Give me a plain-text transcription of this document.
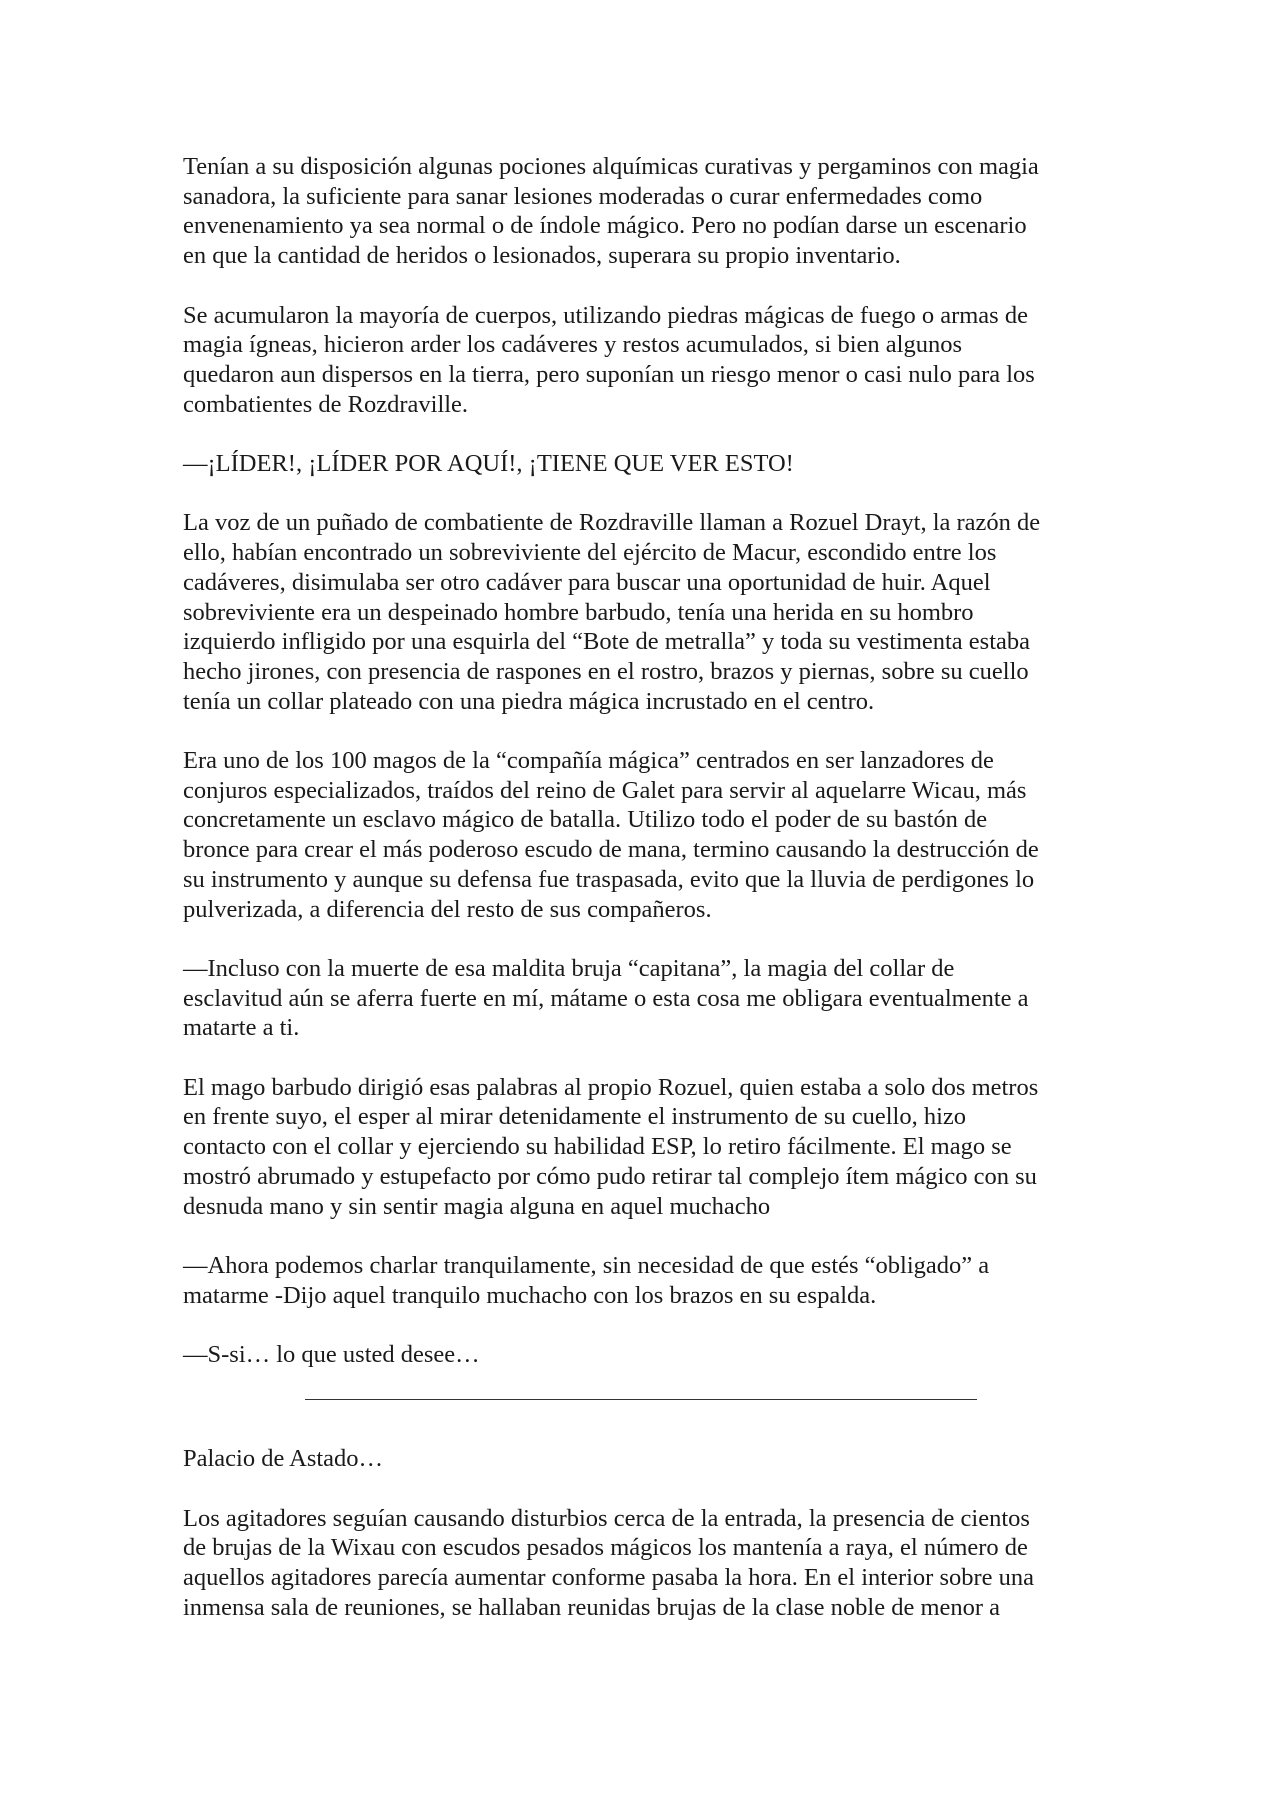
Tenían a su disposición algunas pociones alquímicas curativas y pergaminos con magia
sanadora, la suficiente para sanar lesiones moderadas o curar enfermedades como
envenenamiento ya sea normal o de índole mágico. Pero no podían darse un escenario
en que la cantidad de heridos o lesionados, superara su propio inventario.

Se acumularon la mayoría de cuerpos, utilizando piedras mágicas de fuego o armas de
magia ígneas, hicieron arder los cadáveres y restos acumulados, si bien algunos
quedaron aun dispersos en la tierra, pero suponían un riesgo menor o casi nulo para los
combatientes de Rozdraville.

—¡LÍDER!, ¡LÍDER POR AQUÍ!, ¡TIENE QUE VER ESTO!

La voz de un puñado de combatiente de Rozdraville llaman a Rozuel Drayt, la razón de
ello, habían encontrado un sobreviviente del ejército de Macur, escondido entre los
cadáveres, disimulaba ser otro cadáver para buscar una oportunidad de huir. Aquel
sobreviviente era un despeinado hombre barbudo, tenía una herida en su hombro
izquierdo infligido por una esquirla del “Bote de metralla” y toda su vestimenta estaba
hecho jirones, con presencia de raspones en el rostro, brazos y piernas, sobre su cuello
tenía un collar plateado con una piedra mágica incrustado en el centro.

Era uno de los 100 magos de la “compañía mágica” centrados en ser lanzadores de
conjuros especializados, traídos del reino de Galet para servir al aquelarre Wicau, más
concretamente un esclavo mágico de batalla. Utilizo todo el poder de su bastón de
bronce para crear el más poderoso escudo de mana, termino causando la destrucción de
su instrumento y aunque su defensa fue traspasada, evito que la lluvia de perdigones lo
pulverizada, a diferencia del resto de sus compañeros.

—Incluso con la muerte de esa maldita bruja “capitana”, la magia del collar de
esclavitud aún se aferra fuerte en mí, mátame o esta cosa me obligara eventualmente a
matarte a ti.

El mago barbudo dirigió esas palabras al propio Rozuel, quien estaba a solo dos metros
en frente suyo, el esper al mirar detenidamente el instrumento de su cuello, hizo
contacto con el collar y ejerciendo su habilidad ESP, lo retiro fácilmente. El mago se
mostró abrumado y estupefacto por cómo pudo retirar tal complejo ítem mágico con su
desnuda mano y sin sentir magia alguna en aquel muchacho

—Ahora podemos charlar tranquilamente, sin necesidad de que estés “obligado” a
matarme -Dijo aquel tranquilo muchacho con los brazos en su espalda.

—S-si… lo que usted desee…

Palacio de Astado…

Los agitadores seguían causando disturbios cerca de la entrada, la presencia de cientos
de brujas de la Wixau con escudos pesados mágicos los mantenía a raya, el número de
aquellos agitadores parecía aumentar conforme pasaba la hora. En el interior sobre una
inmensa sala de reuniones, se hallaban reunidas brujas de la clase noble de menor a
